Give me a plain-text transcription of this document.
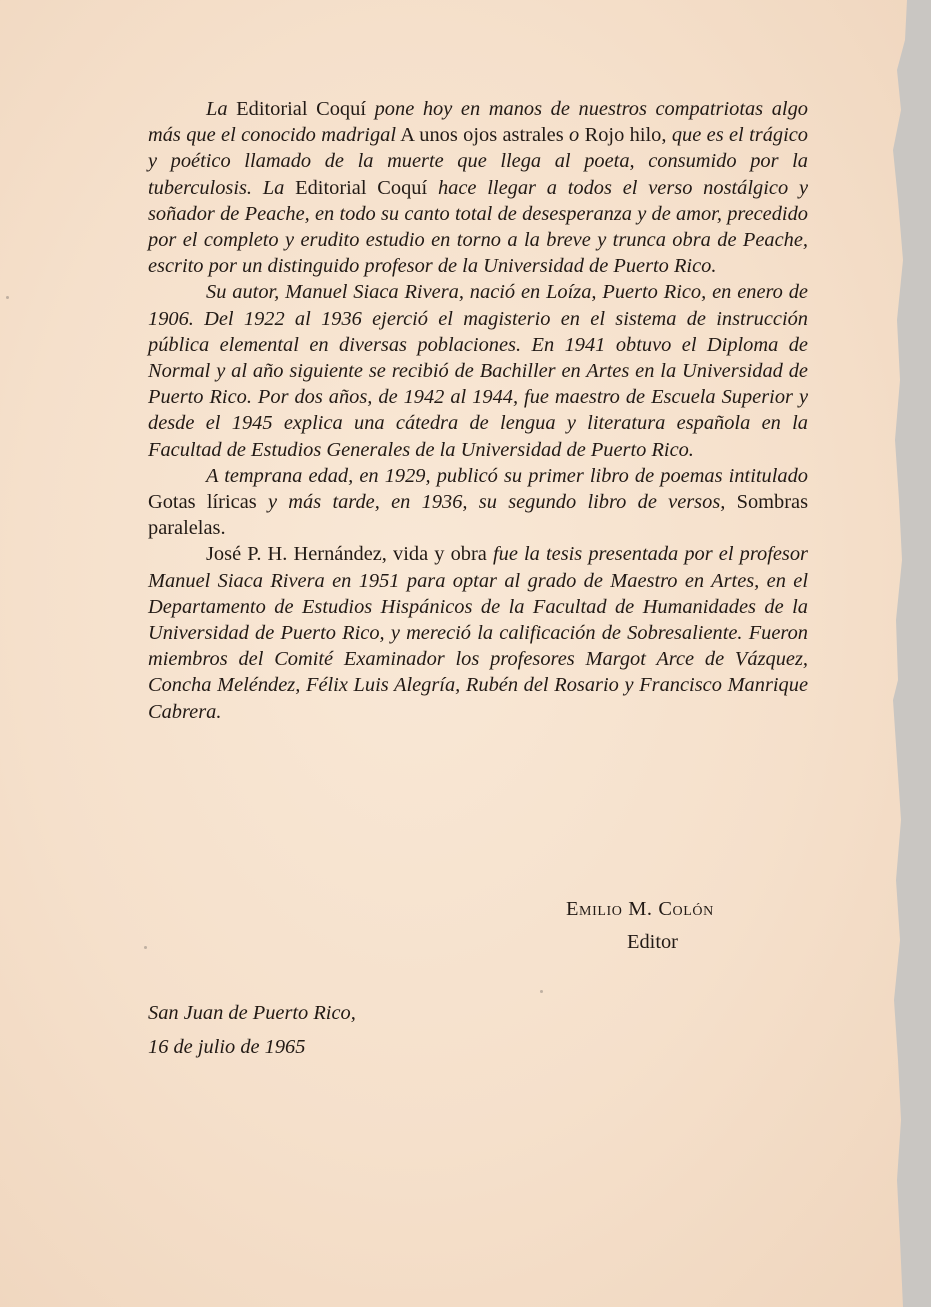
La Editorial Coquí pone hoy en manos de nuestros compatriotas algo más que el conocido madrigal A unos ojos astrales o Rojo hilo, que es el trágico y poético llamado de la muerte que llega al poeta, consumido por la tuberculosis. La Editorial Coquí hace llegar a todos el verso nostálgico y soñador de Peache, en todo su canto total de desesperanza y de amor, precedido por el completo y erudito estudio en torno a la breve y trunca obra de Peache, escrito por un distinguido profesor de la Universidad de Puerto Rico.

Su autor, Manuel Siaca Rivera, nació en Loíza, Puerto Rico, en enero de 1906. Del 1922 al 1936 ejerció el magisterio en el sistema de instrucción pública elemental en diversas poblaciones. En 1941 obtuvo el Diploma de Normal y al año siguiente se recibió de Bachiller en Artes en la Universidad de Puerto Rico. Por dos años, de 1942 al 1944, fue maestro de Escuela Superior y desde el 1945 explica una cátedra de lengua y literatura española en la Facultad de Estudios Generales de la Universidad de Puerto Rico.

A temprana edad, en 1929, publicó su primer libro de poemas intitulado Gotas líricas y más tarde, en 1936, su segundo libro de versos, Sombras paralelas.

José P. H. Hernández, vida y obra fue la tesis presentada por el profesor Manuel Siaca Rivera en 1951 para optar al grado de Maestro en Artes, en el Departamento de Estudios Hispánicos de la Facultad de Humanidades de la Universidad de Puerto Rico, y mereció la calificación de Sobresaliente. Fueron miembros del Comité Examinador los profesores Margot Arce de Vázquez, Concha Meléndez, Félix Luis Alegría, Rubén del Rosario y Francisco Manrique Cabrera.

Emilio M. Colón
Editor
San Juan de Puerto Rico,
16 de julio de 1965
